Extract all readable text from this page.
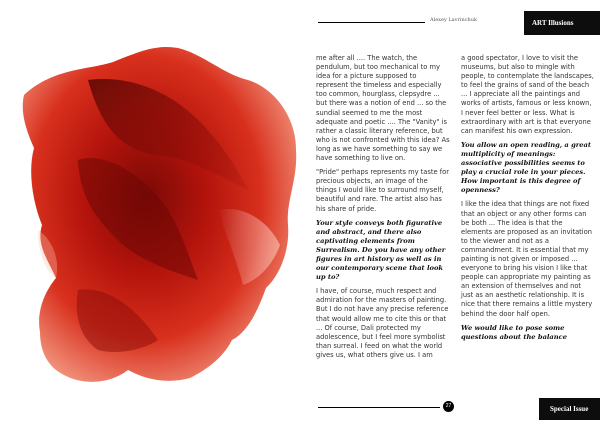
Alexey Lavrinchuk	ART Illusions

me after all .... The watch, the pendulum, but too mechanical to my idea for a picture supposed to represent the timeless and especially too common, hourglass, clepsydre ... but there was a notion of end ... so the sundial seemed to me the most adequate and poetic .... The "Vanity" is rather a classic literary reference, but who is not confronted with this idea? As long as we have something to say we have something to live on.

"Pride" perhaps represents my taste for precious objects, an image of the things I would like to surround myself, beautiful and rare. The artist also has his share of pride.

Your style conveys both figurative and abstract, and there also captivating elements from Surrealism. Do you have any other figures in art history as well as in our contemporary scene that look up to?

I have, of course, much respect and admiration for the masters of painting. But I do not have any precise reference that would allow me to cite this or that ... Of course, Dali protected my adolescence, but I feel more symbolist than surreal. I feed on what the world gives us, what others give us. I am

a good spectator, I love to visit the museums, but also to mingle with people, to contemplate the landscapes, to feel the grains of sand of the beach ... I appreciate all the paintings and works of artists, famous or less known, I never feel better or less. What is extraordinary with art is that everyone can manifest his own expression.

You allow an open reading, a great multiplicity of meanings: associative possibilities seems to play a crucial role in your pieces. How important is this degree of openness?

I like the idea that things are not fixed that an object or any other forms can be both ... The idea is that the elements are proposed as an invitation to the viewer and not as a commandment. It is essential that my painting is not given or imposed ... everyone to bring his vision I like that people can appropriate my painting as an extension of themselves and not just as an aesthetic relationship. It is nice that there remains a little mystery behind the door half open.

We would like to pose some questions about the balance

27	Special Issue
